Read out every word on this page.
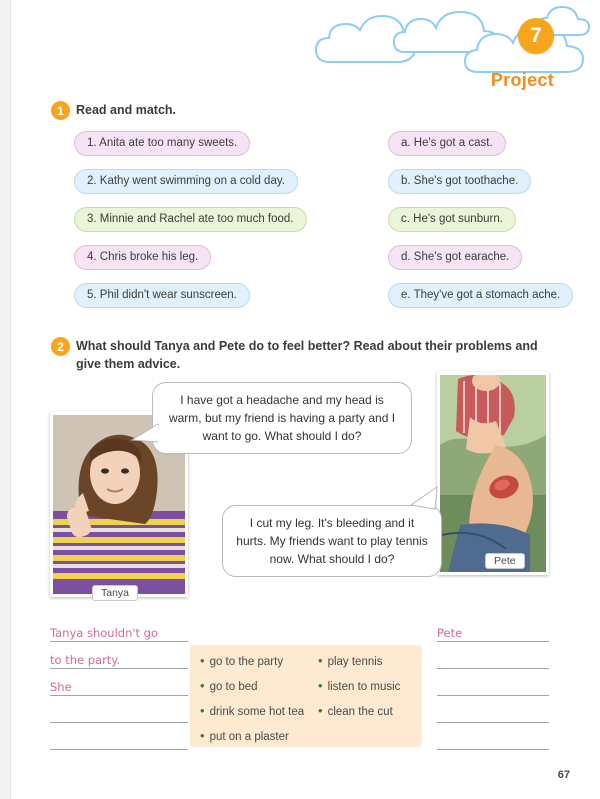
7
Project
1 Read and match.
1. Anita ate too many sweets.
2. Kathy went swimming on a cold day.
3. Minnie and Rachel ate too much food.
4. Chris broke his leg.
5. Phil didn't wear sunscreen.
a. He's got a cast.
b. She's got toothache.
c. He's got sunburn.
d. She's got earache.
e. They've got a stomach ache.
2 What should Tanya and Pete do to feel better? Read about their problems and
give them advice.
Tanya
I have got a headache and my head is warm, but my friend is having a party and I want to go. What should I do?
Pete
I cut my leg. It's bleeding and it hurts. My friends want to play tennis now. What should I do?
Tanya shouldn't go
to the party.
She
Pete
• go to the party
• go to bed
• drink some hot tea
• put on a plaster
• play tennis
• listen to music
• clean the cut
67
